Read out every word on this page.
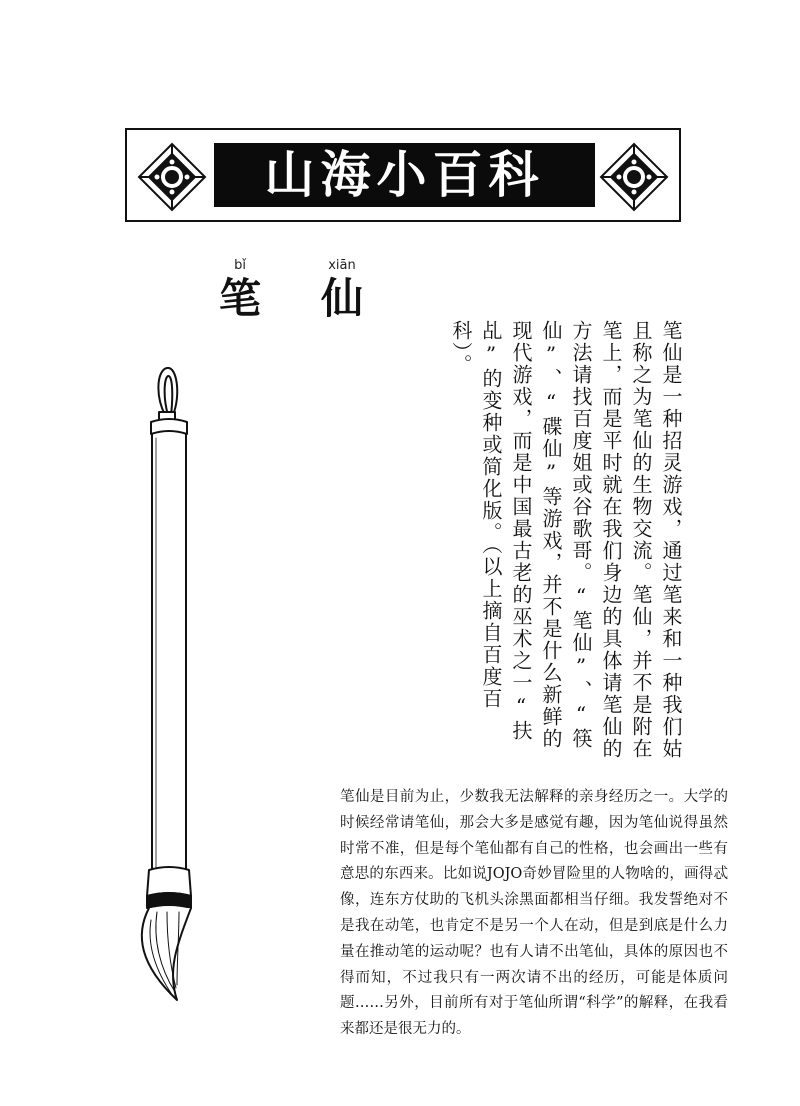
山海小百科
bǐ
笔
xiān
仙
笔仙是一种招灵游戏，通过笔来和一种我们姑且称之为笔仙的生物交流。笔仙，并不是附在笔上，而是平时就在我们身边的具体请笔仙的方法请找百度姐或谷歌哥。“笔仙”、“筷仙”、“碟仙”等游戏，并不是什么新鲜的现代游戏，而是中国最古老的巫术之一“扶乩”的变种或简化版。（以上摘自百度百科）。
笔仙是目前为止，少数我无法解释的亲身经历之一。大学的时候经常请笔仙，那会大多是感觉有趣，因为笔仙说得虽然时常不准，但是每个笔仙都有自己的性格，也会画出一些有意思的东西来。比如说JOJO奇妙冒险里的人物啥的，画得忒像，连东方仗助的飞机头涂黑面都相当仔细。我发誓绝对不是我在动笔，也肯定不是另一个人在动，但是到底是什么力量在推动笔的运动呢？也有人请不出笔仙，具体的原因也不得而知，不过我只有一两次请不出的经历，可能是体质问题……另外，目前所有对于笔仙所谓“科学”的解释，在我看来都还是很无力的。
